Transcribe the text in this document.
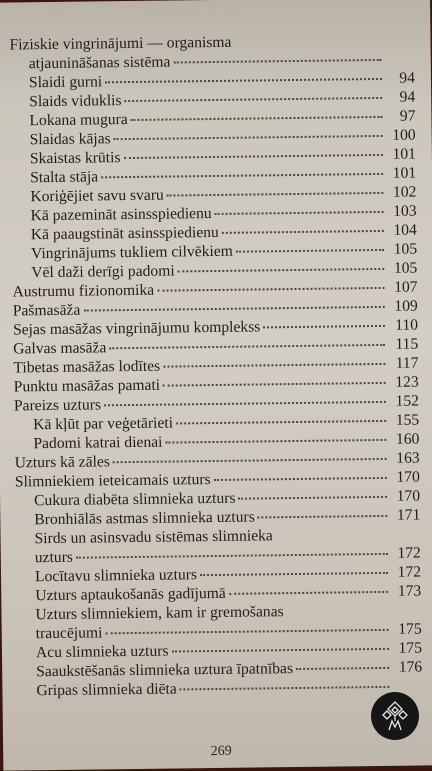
Fiziskie vingrinājumi — organisma
atjaunināšanas sistēma
Slaidi gurni	94
Slaids viduklis	94
Lokana mugura	97
Slaidas kājas	100
Skaistas krūtis	101
Stalta stāja	101
Koriģējiet savu svaru	102
Kā pazemināt asinsspiedienu	103
Kā paaugstināt asinsspiedienu	104
Vingrinājums tukliem cilvēkiem	105
Vēl daži derīgi padomi	105
Austrumu fizionomika	107
Pašmasāža	109
Sejas masāžas vingrinājumu komplekss	110
Galvas masāža	115
Tibetas masāžas lodītes	117
Punktu masāžas pamati	123
Pareizs uzturs	152
Kā kļūt par veģetārieti	155
Padomi katrai dienai	160
Uzturs kā zāles	163
Slimniekiem ieteicamais uzturs	170
Cukura diabēta slimnieka uzturs	170
Bronhiālās astmas slimnieka uzturs	171
Sirds un asinsvadu sistēmas slimnieka
uzturs	172
Locītavu slimnieka uzturs	172
Uzturs aptaukošanās gadījumā	173
Uzturs slimniekiem, kam ir gremošanas
traucējumi	175
Acu slimnieka uzturs	175
Saaukstēšanās slimnieka uztura īpatnības	176
Gripas slimnieka diēta
269
